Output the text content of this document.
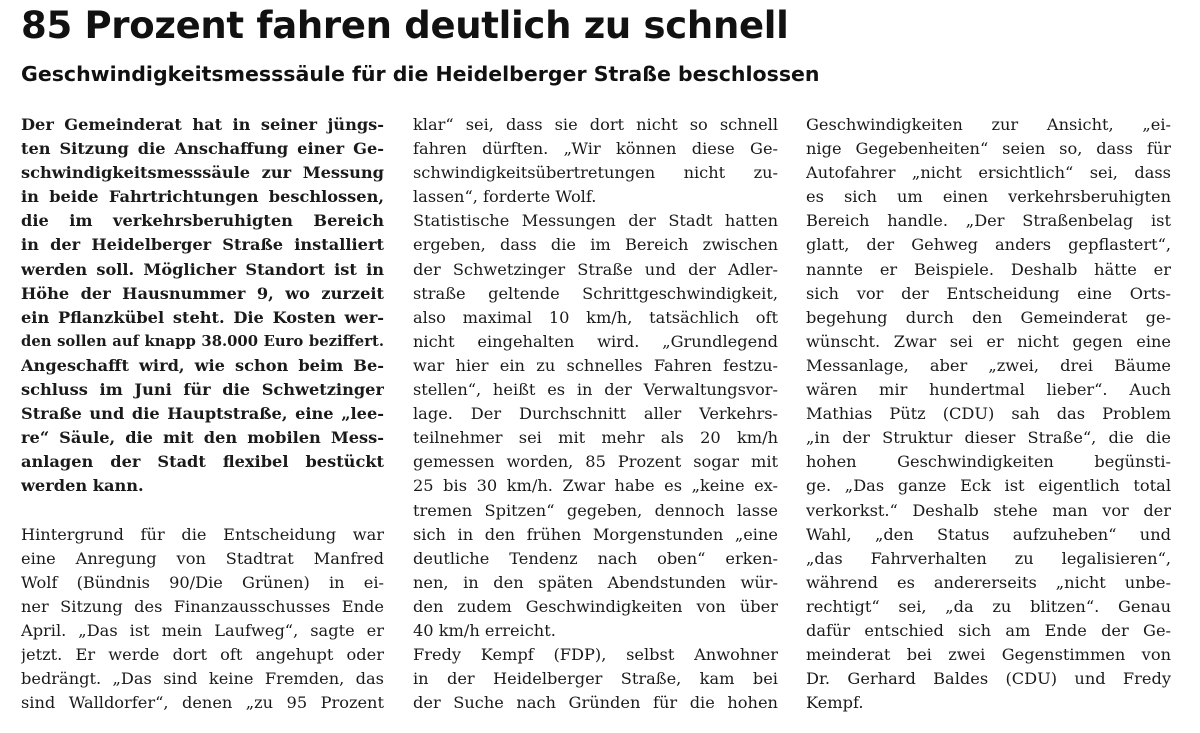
85 Prozent fahren deutlich zu schnell
Geschwindigkeitsmesssäule für die Heidelberger Straße beschlossen
Der Gemeinderat hat in seiner jüngs-
ten Sitzung die Anschaffung einer Ge-
schwindigkeitsmesssäule zur Messung
in beide Fahrtrichtungen beschlossen,
die im verkehrsberuhigten Bereich
in der Heidelberger Straße installiert
werden soll. Möglicher Standort ist in
Höhe der Hausnummer 9, wo zurzeit
ein Pflanzkübel steht. Die Kosten wer-
den sollen auf knapp 38.000 Euro beziffert.
Angeschafft wird, wie schon beim Be-
schluss im Juni für die Schwetzinger
Straße und die Hauptstraße, eine „lee-
re“ Säule, die mit den mobilen Mess-
anlagen der Stadt flexibel bestückt
werden kann.
Hintergrund für die Entscheidung war
eine Anregung von Stadtrat Manfred
Wolf (Bündnis 90/Die Grünen) in ei-
ner Sitzung des Finanzausschusses Ende
April. „Das ist mein Laufweg“, sagte er
jetzt. Er werde dort oft angehupt oder
bedrängt. „Das sind keine Fremden, das
sind Walldorfer“, denen „zu 95 Prozent
klar“ sei, dass sie dort nicht so schnell
fahren dürften. „Wir können diese Ge-
schwindigkeitsübertretungen nicht zu-
lassen“, forderte Wolf.
Statistische Messungen der Stadt hatten
ergeben, dass die im Bereich zwischen
der Schwetzinger Straße und der Adler-
straße geltende Schrittgeschwindigkeit,
also maximal 10 km/h, tatsächlich oft
nicht eingehalten wird. „Grundlegend
war hier ein zu schnelles Fahren festzu-
stellen“, heißt es in der Verwaltungsvor-
lage. Der Durchschnitt aller Verkehrs-
teilnehmer sei mit mehr als 20 km/h
gemessen worden, 85 Prozent sogar mit
25 bis 30 km/h. Zwar habe es „keine ex-
tremen Spitzen“ gegeben, dennoch lasse
sich in den frühen Morgenstunden „eine
deutliche Tendenz nach oben“ erken-
nen, in den späten Abendstunden wür-
den zudem Geschwindigkeiten von über
40 km/h erreicht.
Fredy Kempf (FDP), selbst Anwohner
in der Heidelberger Straße, kam bei
der Suche nach Gründen für die hohen
Geschwindigkeiten zur Ansicht, „ei-
nige Gegebenheiten“ seien so, dass für
Autofahrer „nicht ersichtlich“ sei, dass
es sich um einen verkehrsberuhigten
Bereich handle. „Der Straßenbelag ist
glatt, der Gehweg anders gepflastert“,
nannte er Beispiele. Deshalb hätte er
sich vor der Entscheidung eine Orts-
begehung durch den Gemeinderat ge-
wünscht. Zwar sei er nicht gegen eine
Messanlage, aber „zwei, drei Bäume
wären mir hundertmal lieber“. Auch
Mathias Pütz (CDU) sah das Problem
„in der Struktur dieser Straße“, die die
hohen Geschwindigkeiten begünsti-
ge. „Das ganze Eck ist eigentlich total
verkorkst.“ Deshalb stehe man vor der
Wahl, „den Status aufzuheben“ und
„das Fahrverhalten zu legalisieren“,
während es andererseits „nicht unbe-
rechtigt“ sei, „da zu blitzen“. Genau
dafür entschied sich am Ende der Ge-
meinderat bei zwei Gegenstimmen von
Dr. Gerhard Baldes (CDU) und Fredy
Kempf.
